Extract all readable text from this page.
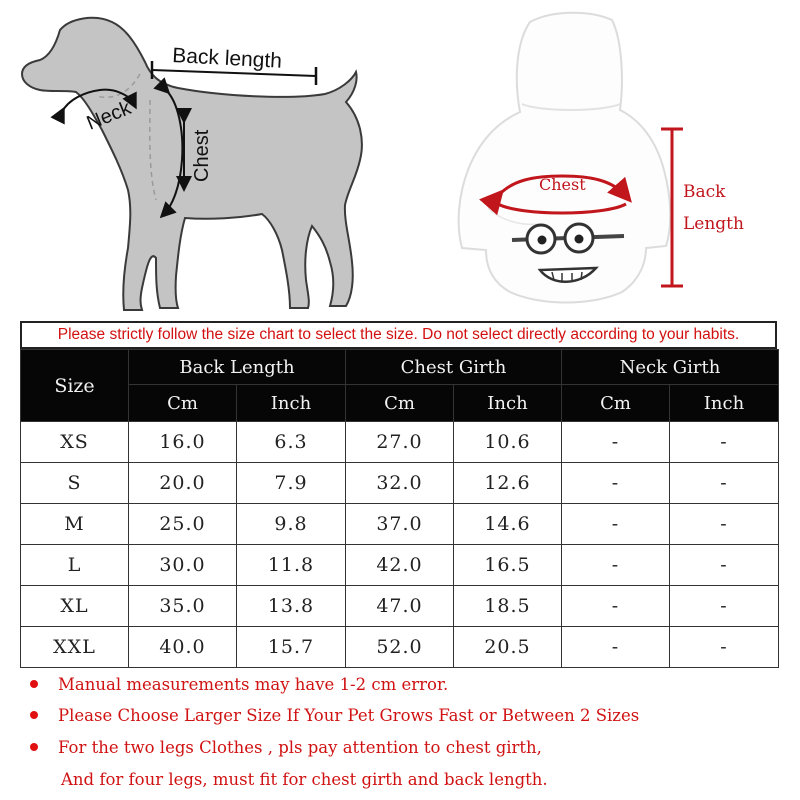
Back length
Neck
Chest
Chest	Back
Length
Please strictly follow the size chart to select the size. Do not select directly according to your habits.
Size	Back Length		Chest Girth		Neck Girth	
	Cm	Inch	Cm	Inch	Cm	Inch
XS	16.0	6.3	27.0	10.6	-	-
S	20.0	7.9	32.0	12.6	-	-
M	25.0	9.8	37.0	14.6	-	-
L	30.0	11.8	42.0	16.5	-	-
XL	35.0	13.8	47.0	18.5	-	-
XXL	40.0	15.7	52.0	20.5	-	-
Manual measurements may have 1-2 cm error.
Please Choose Larger Size If Your Pet Grows Fast or Between 2 Sizes
For the two legs Clothes , pls pay attention to chest girth,
And for four legs, must fit for chest girth and back length.
